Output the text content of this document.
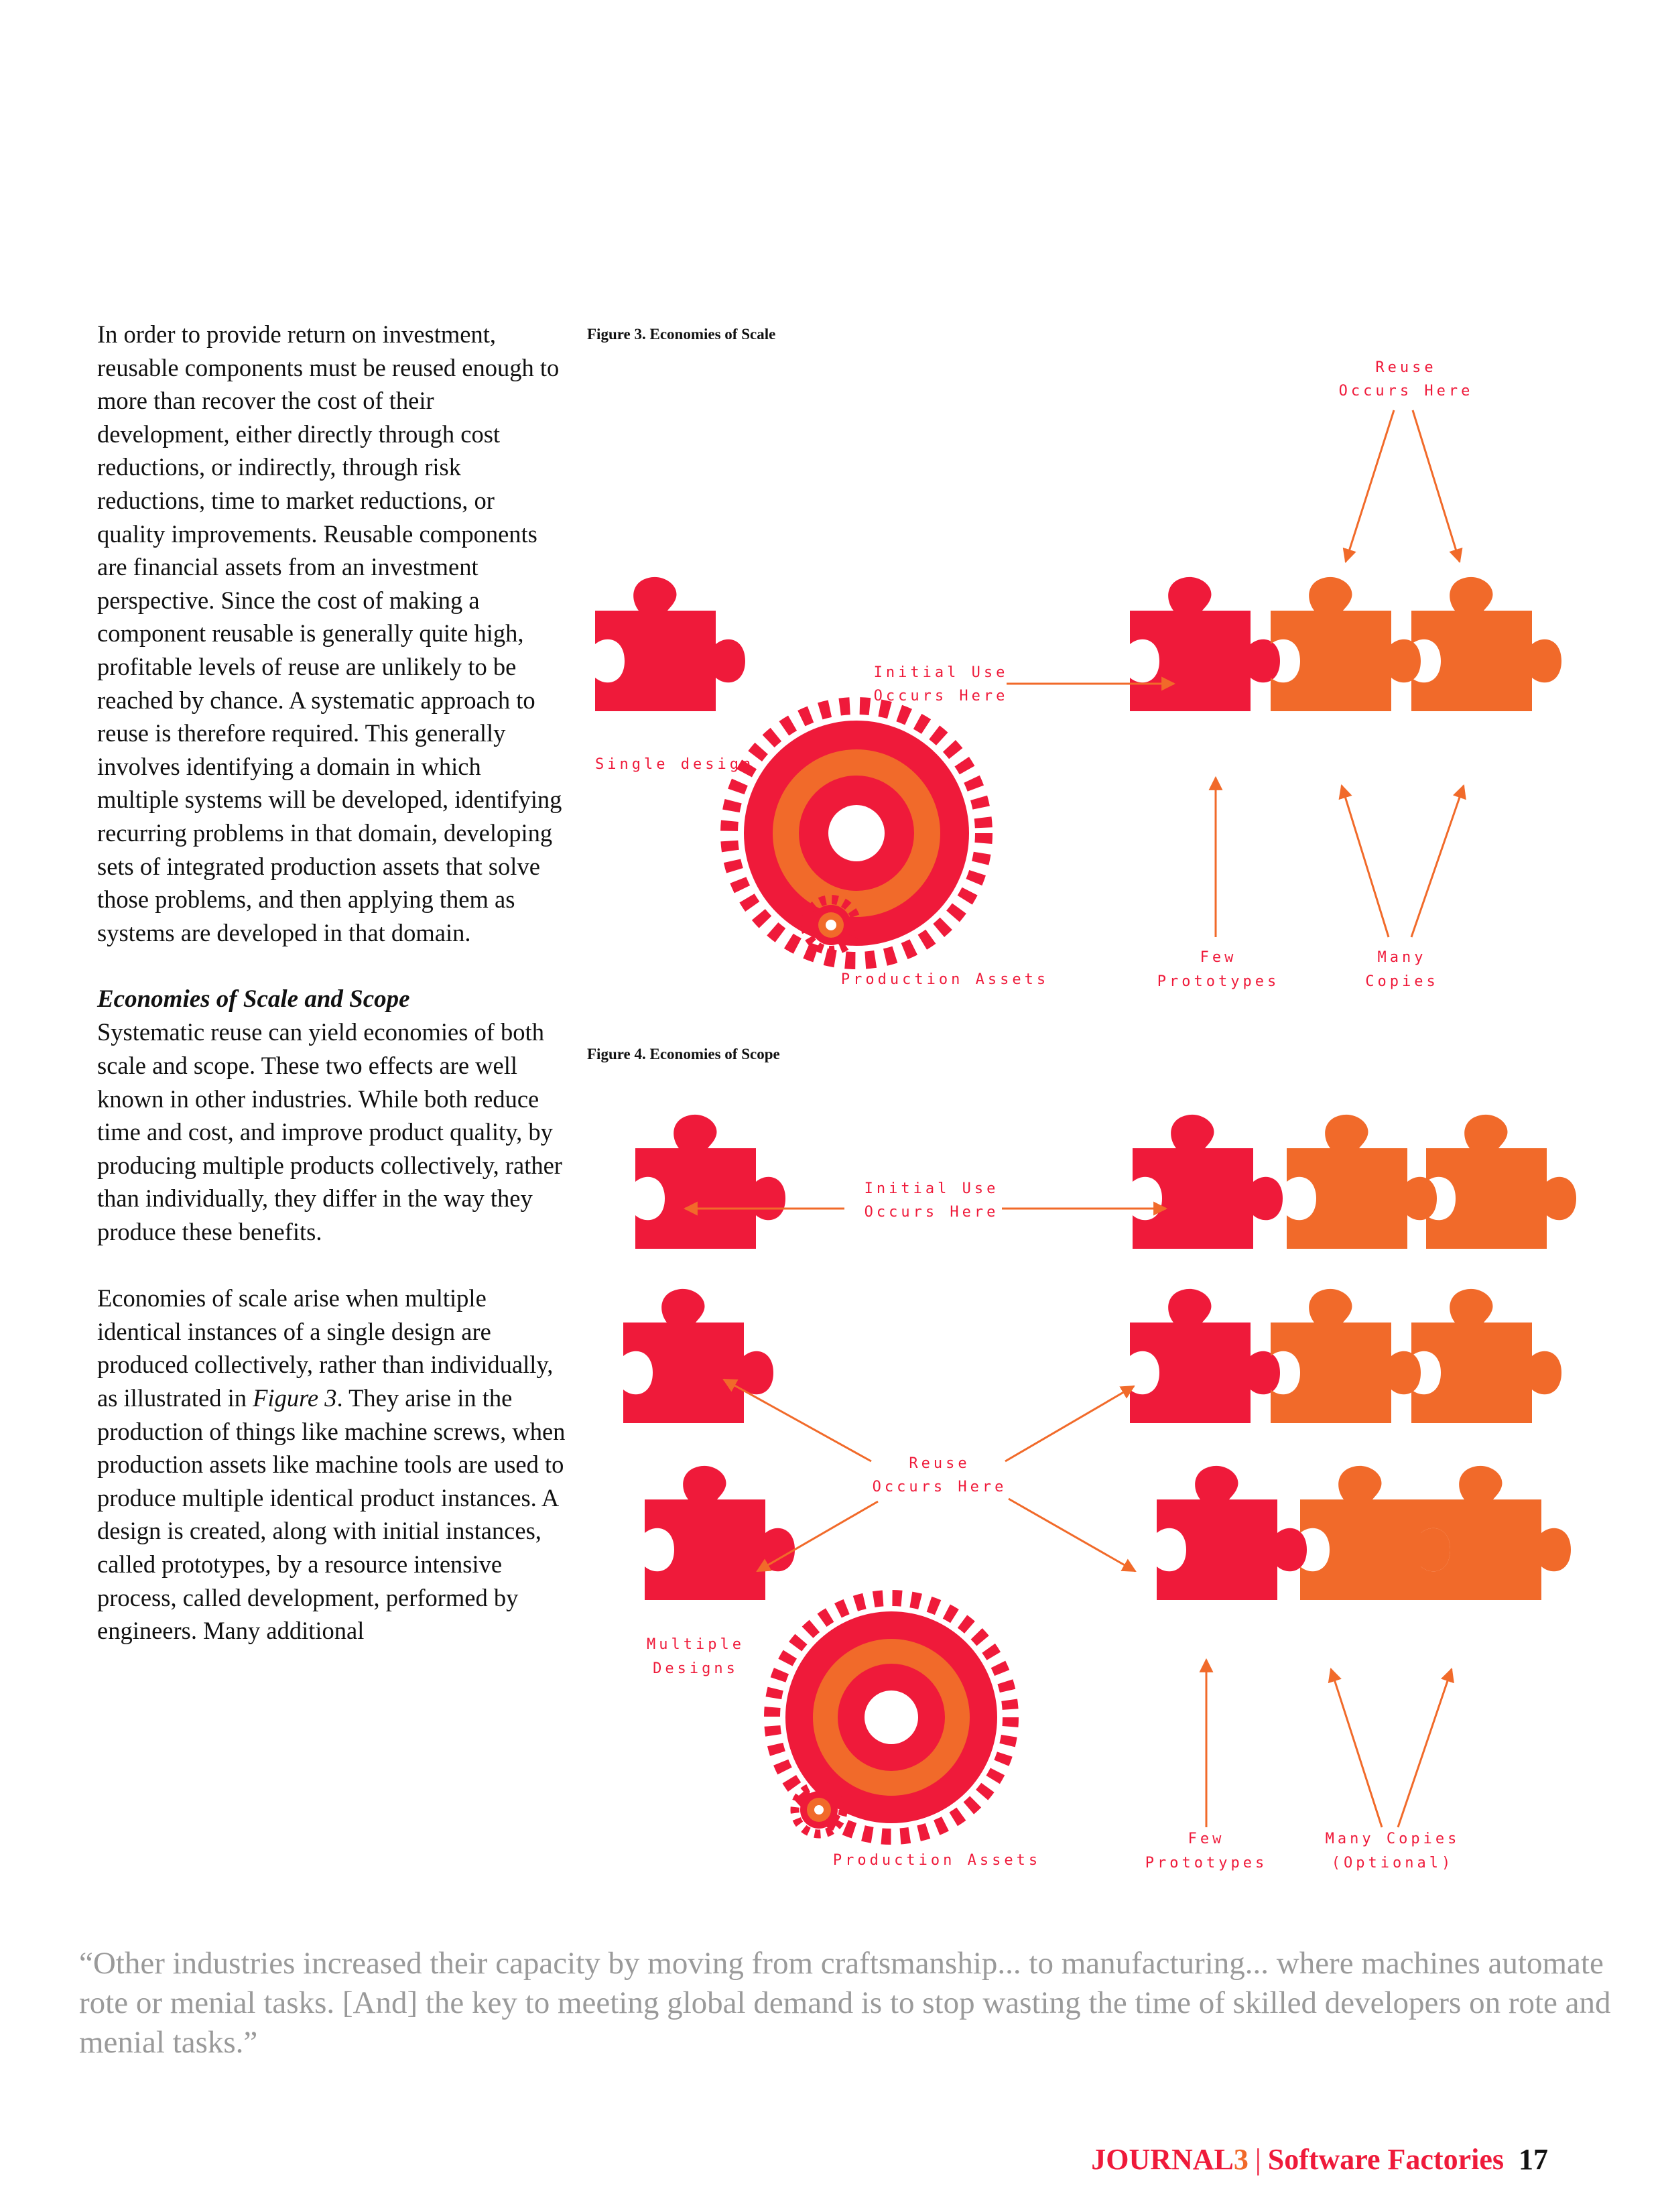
In order to provide return on investment, reusable components must be reused enough to more than recover the cost of their development, either directly through cost reductions, or indirectly, through risk reductions, time to market reductions, or quality improvements. Reusable components are financial assets from an investment perspective. Since the cost of making a component reusable is generally quite high, profitable levels of reuse are unlikely to be reached by chance. A systematic approach to reuse is therefore required. This generally involves identifying a domain in which multiple systems will be developed, identifying recurring problems in that domain, developing sets of integrated production assets that solve those problems, and then applying them as systems are developed in that domain.

Economies of Scale and Scope

Systematic reuse can yield economies of both scale and scope. These two effects are well known in other industries. While both reduce time and cost, and improve product quality, by producing multiple products collectively, rather than individually, they differ in the way they produce these benefits.

Economies of scale arise when multiple identical instances of a single design are produced collectively, rather than individually, as illustrated in Figure 3. They arise in the production of things like machine screws, when production assets like machine tools are used to produce multiple identical product instances. A design is created, along with initial instances, called prototypes, by a resource intensive process, called development, performed by engineers. Many additional

Figure 3. Economies of Scale
Figure 4. Economies of Scope
Reuse
Occurs Here
Initial Use
Occurs Here
Single design
Production Assets
Few
Prototypes
Many
Copies
Initial Use
Occurs Here
Reuse
Occurs Here
Multiple
Designs
Production Assets
Few
Prototypes
Many Copies
(Optional)
“Other industries increased their capacity by moving from craftsmanship... to manufacturing... where machines automate rote or menial tasks. [And] the key to meeting global demand is to stop wasting the time of skilled developers on rote and menial tasks.”
JOURNAL3 | Software Factories 17
